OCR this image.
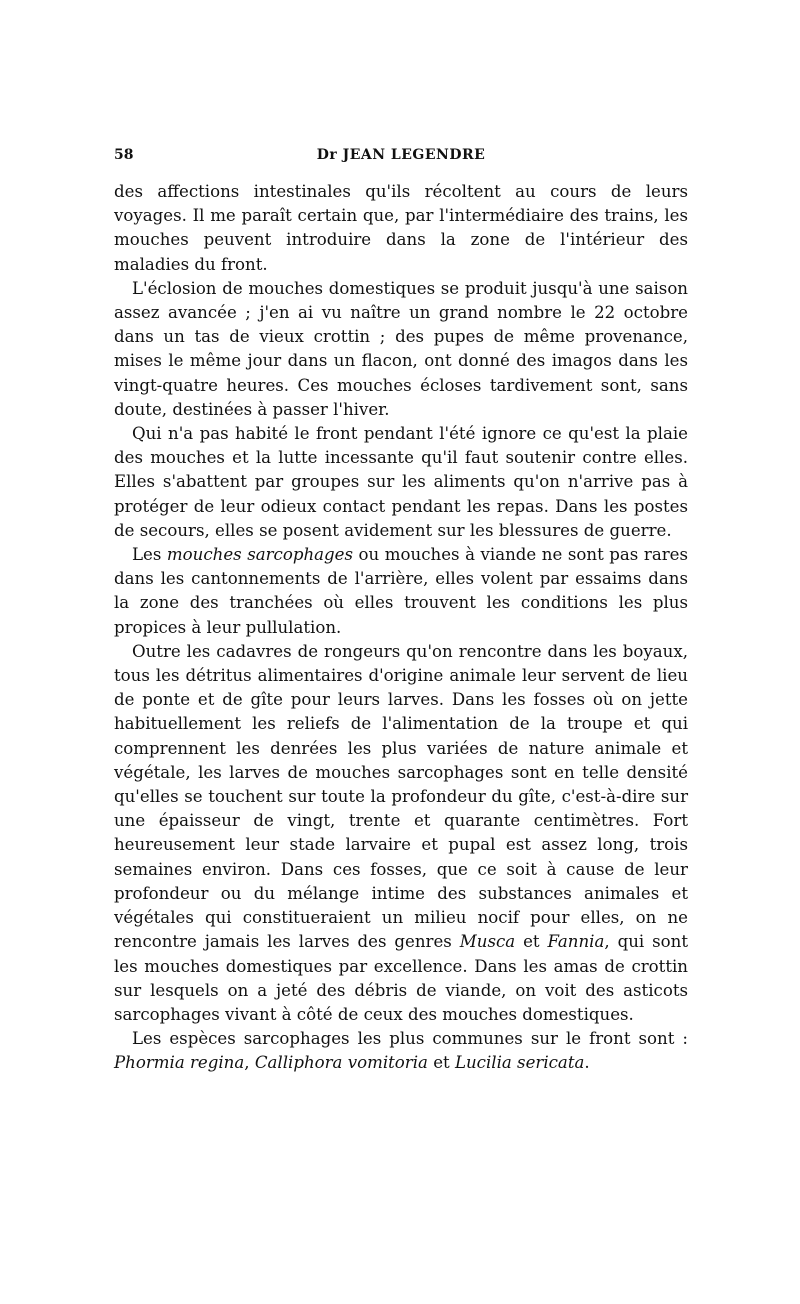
58	Dr JEAN LEGENDRE

des affections intestinales qu'ils récoltent au cours de leurs voyages. Il me paraît certain que, par l'intermédiaire des trains, les mouches peuvent introduire dans la zone de l'intérieur des maladies du front.

L'éclosion de mouches domestiques se produit jusqu'à une saison assez avancée ; j'en ai vu naître un grand nombre le 22 octobre dans un tas de vieux crottin ; des pupes de même provenance, mises le même jour dans un flacon, ont donné des imagos dans les vingt-quatre heures. Ces mouches écloses tardivement sont, sans doute, destinées à passer l'hiver.

Qui n'a pas habité le front pendant l'été ignore ce qu'est la plaie des mouches et la lutte incessante qu'il faut soutenir contre elles. Elles s'abattent par groupes sur les aliments qu'on n'arrive pas à protéger de leur odieux contact pendant les repas. Dans les postes de secours, elles se posent avidement sur les blessures de guerre.

Les mouches sarcophages ou mouches à viande ne sont pas rares dans les cantonnements de l'arrière, elles volent par essaims dans la zone des tranchées où elles trouvent les conditions les plus propices à leur pullulation.

Outre les cadavres de rongeurs qu'on rencontre dans les boyaux, tous les détritus alimentaires d'origine animale leur servent de lieu de ponte et de gîte pour leurs larves. Dans les fosses où on jette habituellement les reliefs de l'alimentation de la troupe et qui comprennent les denrées les plus variées de nature animale et végétale, les larves de mouches sarcophages sont en telle densité qu'elles se touchent sur toute la profondeur du gîte, c'est-à-dire sur une épaisseur de vingt, trente et quarante centimètres. Fort heureusement leur stade larvaire et pupal est assez long, trois semaines environ. Dans ces fosses, que ce soit à cause de leur profondeur ou du mélange intime des substances animales et végétales qui constitueraient un milieu nocif pour elles, on ne rencontre jamais les larves des genres Musca et Fannia, qui sont les mouches domestiques par excellence. Dans les amas de crottin sur lesquels on a jeté des débris de viande, on voit des asticots sarcophages vivant à côté de ceux des mouches domestiques.

Les espèces sarcophages les plus communes sur le front sont : Phormia regina, Calliphora vomitoria et Lucilia sericata.
